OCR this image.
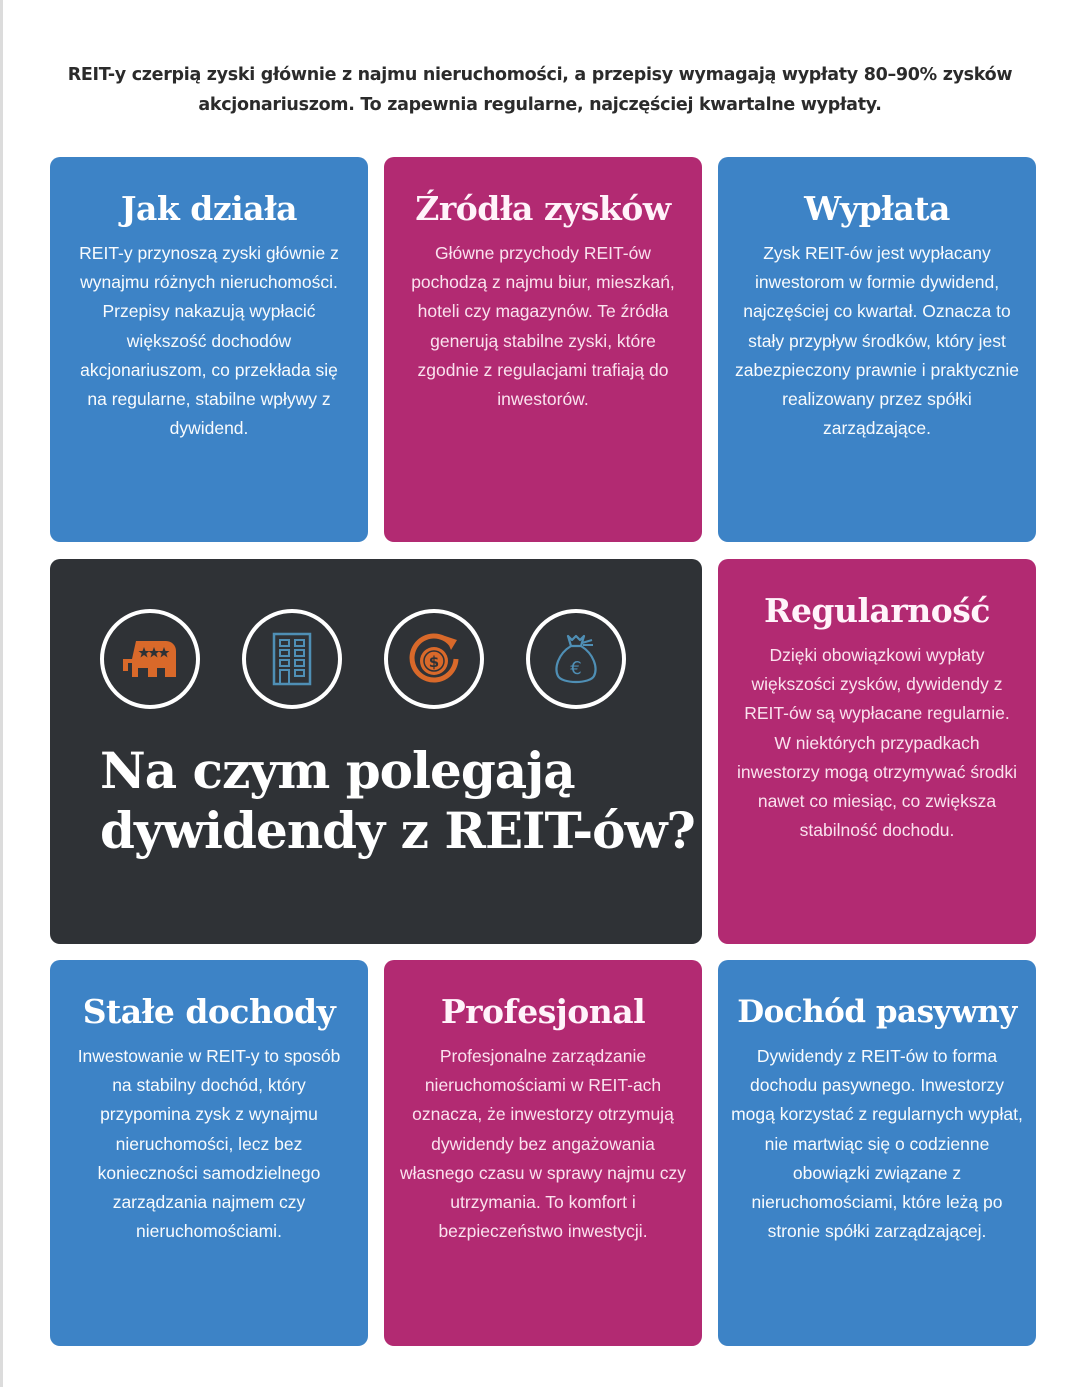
REIT-y czerpią zyski głównie z najmu nieruchomości, a przepisy wymagają wypłaty 80–90% zysków akcjonariuszom. To zapewnia regularne, najczęściej kwartalne wypłaty.
Jak działa

REIT-y przynoszą zyski głównie z wynajmu różnych nieruchomości. Przepisy nakazują wypłacić większość dochodów akcjonariuszom, co przekłada się na regularne, stabilne wpływy z dywidend.

Źródła zysków

Główne przychody REIT-ów pochodzą z najmu biur, mieszkań, hoteli czy magazynów. Te źródła generują stabilne zyski, które zgodnie z regulacjami trafiają do inwestorów.

Wypłata

Zysk REIT-ów jest wypłacany inwestorom w formie dywidend, najczęściej co kwartał. Oznacza to stały przypływ środków, który jest zabezpieczony prawnie i praktycznie realizowany przez spółki zarządzające.

$	€
Na czym polegają
dywidendy z REIT-ów?
Regularność

Dzięki obowiązkowi wypłaty większości zysków, dywidendy z REIT-ów są wypłacane regularnie. W niektórych przypadkach inwestorzy mogą otrzymywać środki nawet co miesiąc, co zwiększa stabilność dochodu.

Stałe dochody

Inwestowanie w REIT-y to sposób na stabilny dochód, który przypomina zysk z wynajmu nieruchomości, lecz bez konieczności samodzielnego zarządzania najmem czy nieruchomościami.

Profesjonal

Profesjonalne zarządzanie nieruchomościami w REIT-ach oznacza, że inwestorzy otrzymują dywidendy bez angażowania własnego czasu w sprawy najmu czy utrzymania. To komfort i bezpieczeństwo inwestycji.

Dochód pasywny

Dywidendy z REIT-ów to forma dochodu pasywnego. Inwestorzy mogą korzystać z regularnych wypłat, nie martwiąc się o codzienne obowiązki związane z nieruchomościami, które leżą po stronie spółki zarządzającej.
